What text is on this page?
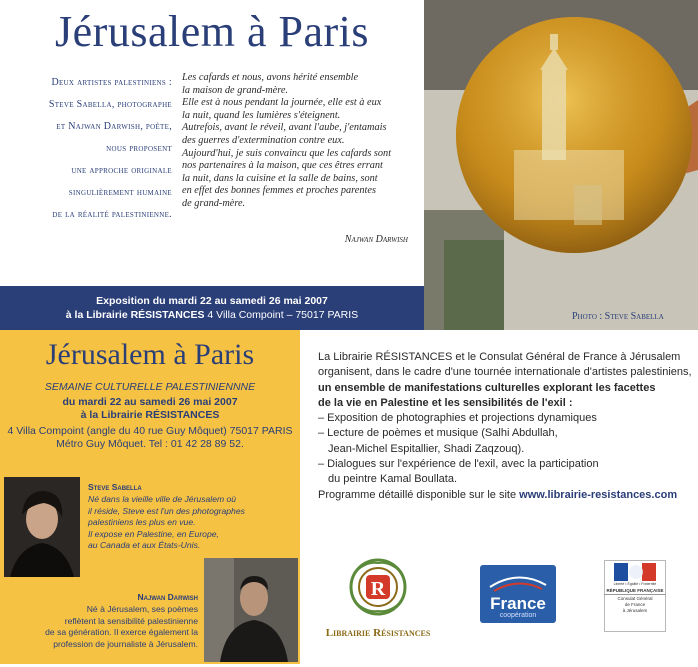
Jérusalem à Paris
Deux artistes palestiniens :
Steve Sabella, photographe
et Najwan Darwish, poète,
nous proposent
une approche originale
singulièrement humaine
de la réalité palestinienne.
Les cafards et nous, avons hérité ensemble
la maison de grand-mère.
Elle est à nous pendant la journée, elle est à eux
la nuit, quand les lumières s'éteignent.
Autrefois, avant le réveil, avant l'aube, j'entamais
des guerres d'extermination contre eux.
Aujourd'hui, je suis convaincu que les cafards sont
nos partenaires à la maison, que ces êtres errant
la nuit, dans la cuisine et la salle de bains, sont
en effet des bonnes femmes et proches parentes
de grand-mère.
Najwan Darwish
Photo : Steve Sabella
Exposition du mardi 22 au samedi 26 mai 2007
à la Librairie RÉSISTANCES 4 Villa Compoint – 75017 PARIS
Jérusalem à Paris
SEMAINE CULTURELLE PALESTINIENNNE
du mardi 22 au samedi 26 mai 2007
à la Librairie RÉSISTANCES
4 Villa Compoint (angle du 40 rue Guy Môquet) 75017 PARIS
Métro Guy Môquet. Tel : 01 42 28 89 52.
Steve Sabella
Né dans la vieille ville de Jérusalem où
il réside, Steve est l'un des photographes
palestiniens les plus en vue.
Il expose en Palestine, en Europe,
au Canada et aux États-Unis.
Najwan Darwish
Né à Jérusalem, ses poèmes
reflètent la sensibilité palestinienne
de sa génération. Il exerce également la
profession de journaliste à Jérusalem.
La Librairie RÉSISTANCES et le Consulat Général de France à Jérusalem
organisent, dans le cadre d'une tournée internationale d'artistes palestiniens,
un ensemble de manifestations culturelles explorant les facettes
de la vie en Palestine et les sensibilités de l'exil :
– Exposition de photographies et projections dynamiques
– Lecture de poèmes et musique (Salhi Abdullah,
Jean-Michel Espitallier, Shadi Zaqzouq).
– Dialogues sur l'expérience de l'exil, avec la participation
du peintre Kamal Boullata.
Programme détaillé disponible sur le site www.librairie-resistances.com
R
Librairie Résistances
France
coopération
Liberté • Égalité • Fraternité
RÉPUBLIQUE FRANÇAISE
Consulat Général
de France
à Jérusalem
